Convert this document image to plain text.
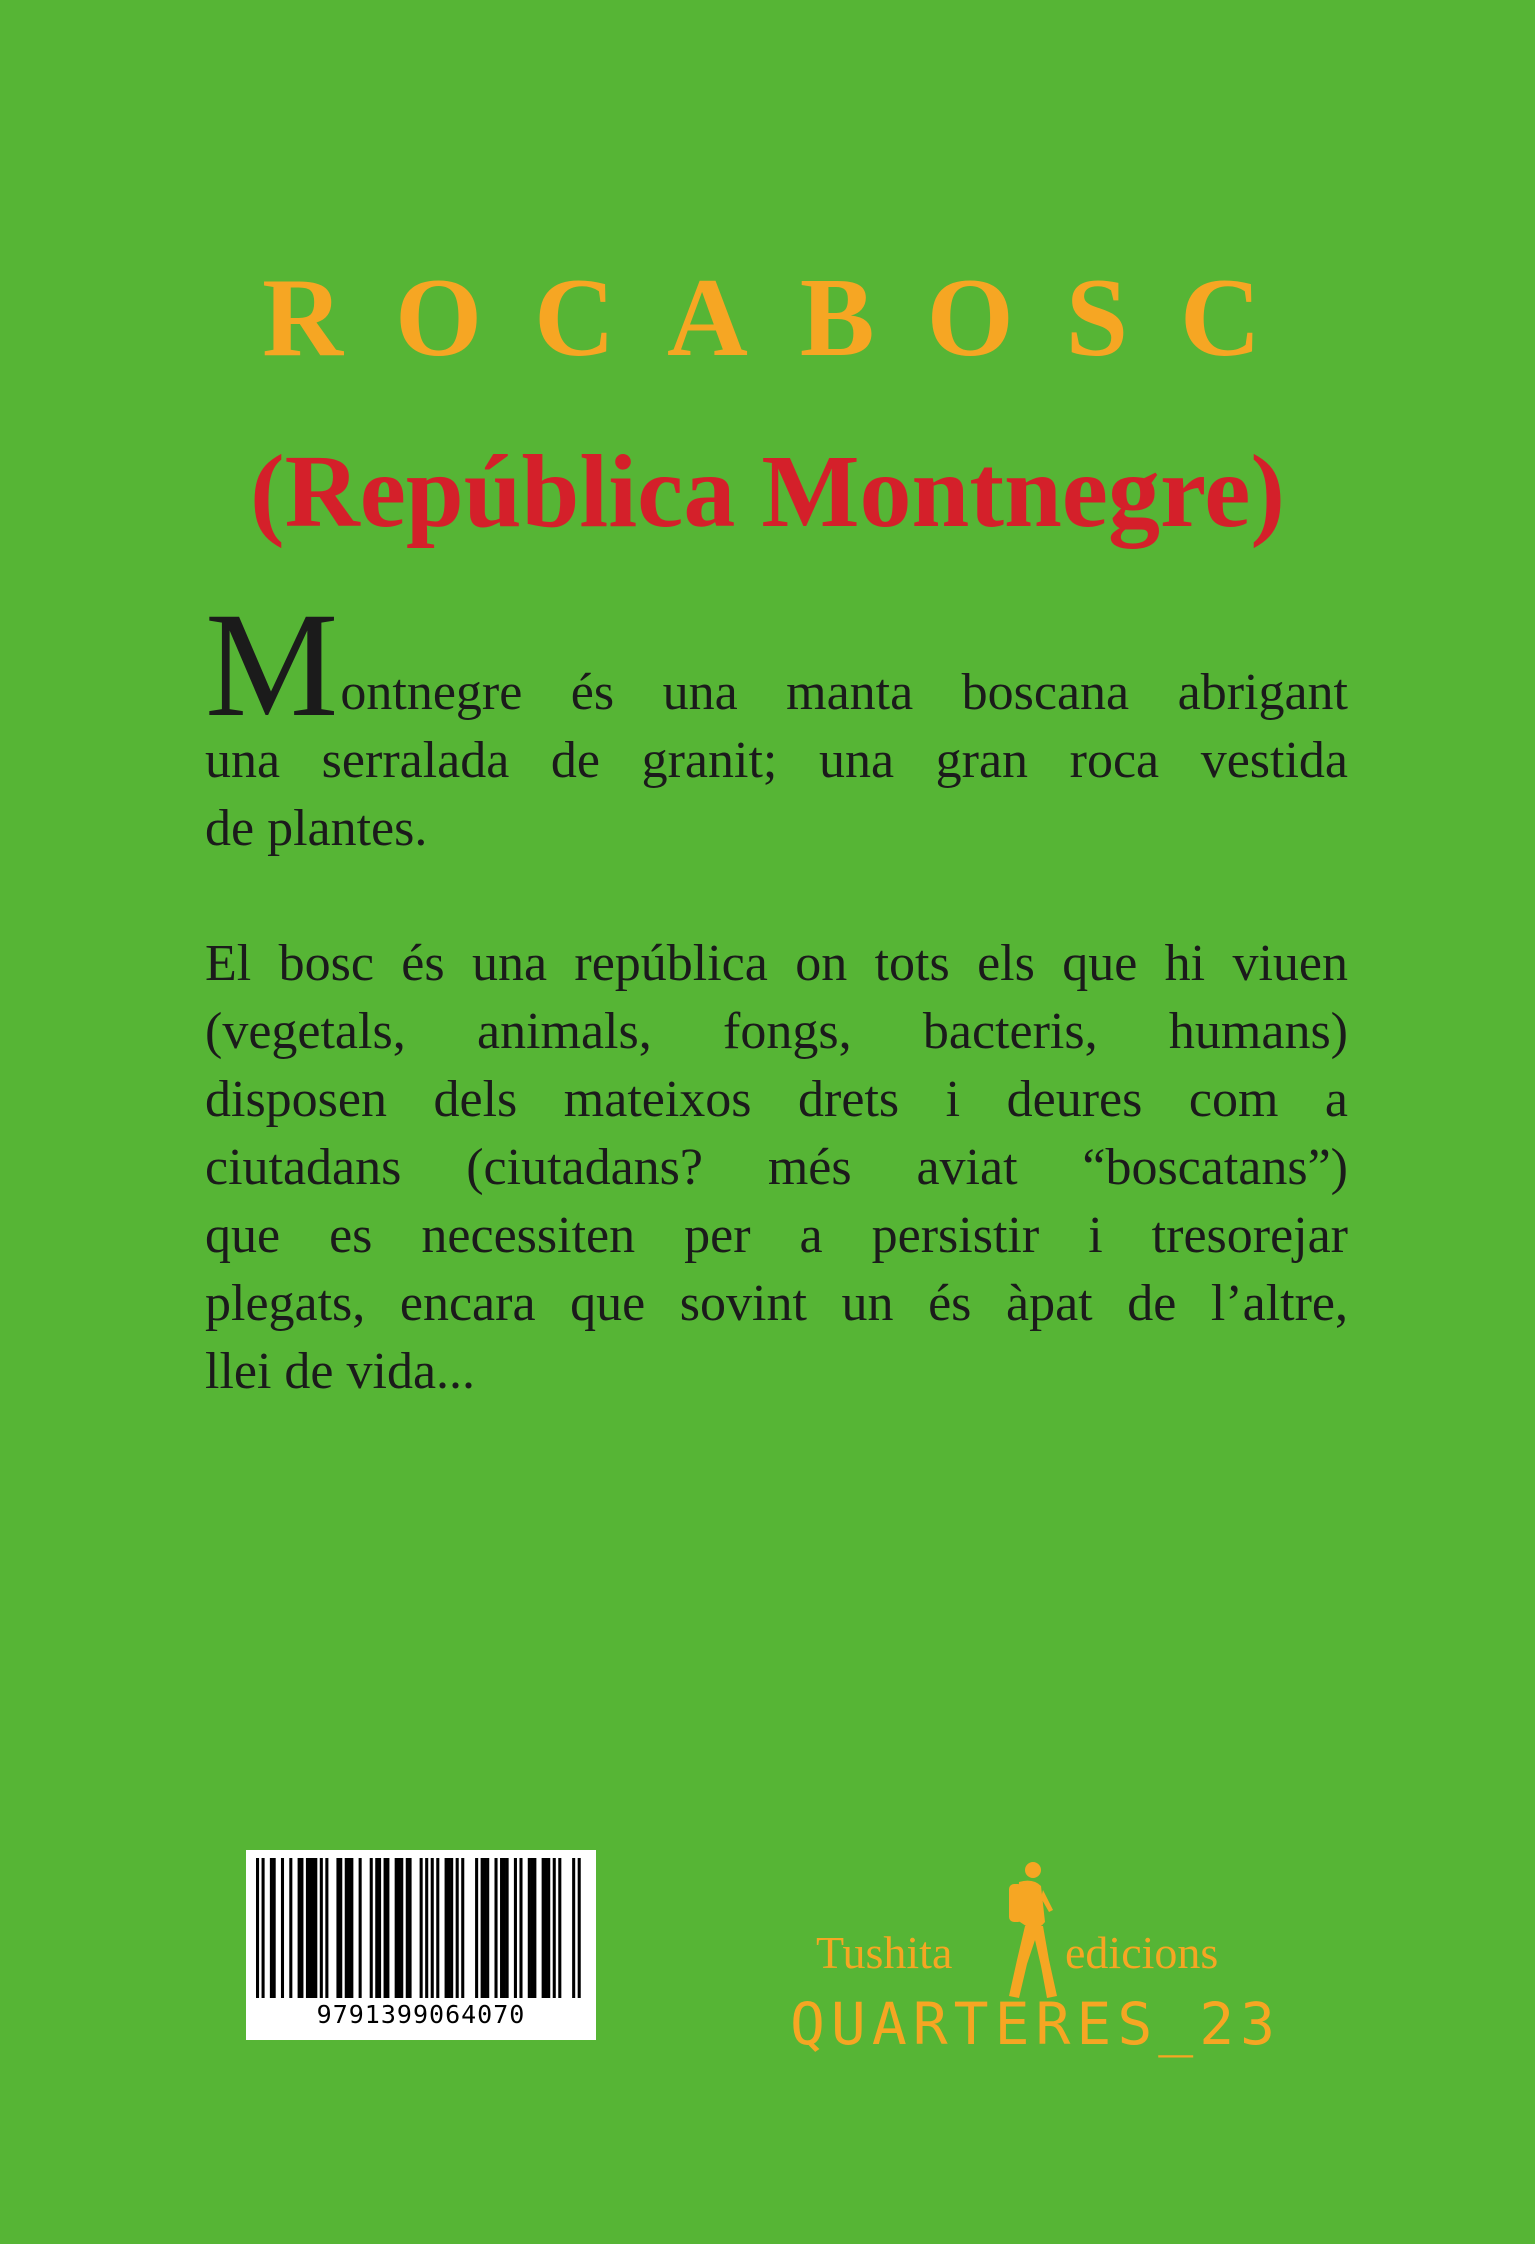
ROCABOSC
(República Montnegre)
Montnegre és una manta boscana abrigant
una serralada de granit; una gran roca vestida
de plantes.
El bosc és una república on tots els que hi viuen
(vegetals, animals, fongs, bacteris, humans)
disposen dels mateixos drets i deures com a
ciutadans (ciutadans? més aviat “boscatans”)
que es necessiten per a persistir i tresorejar
plegats, encara que sovint un és àpat de l’altre,
llei de vida...
9791399064070
Tushita edicions
QUARTERES_23
